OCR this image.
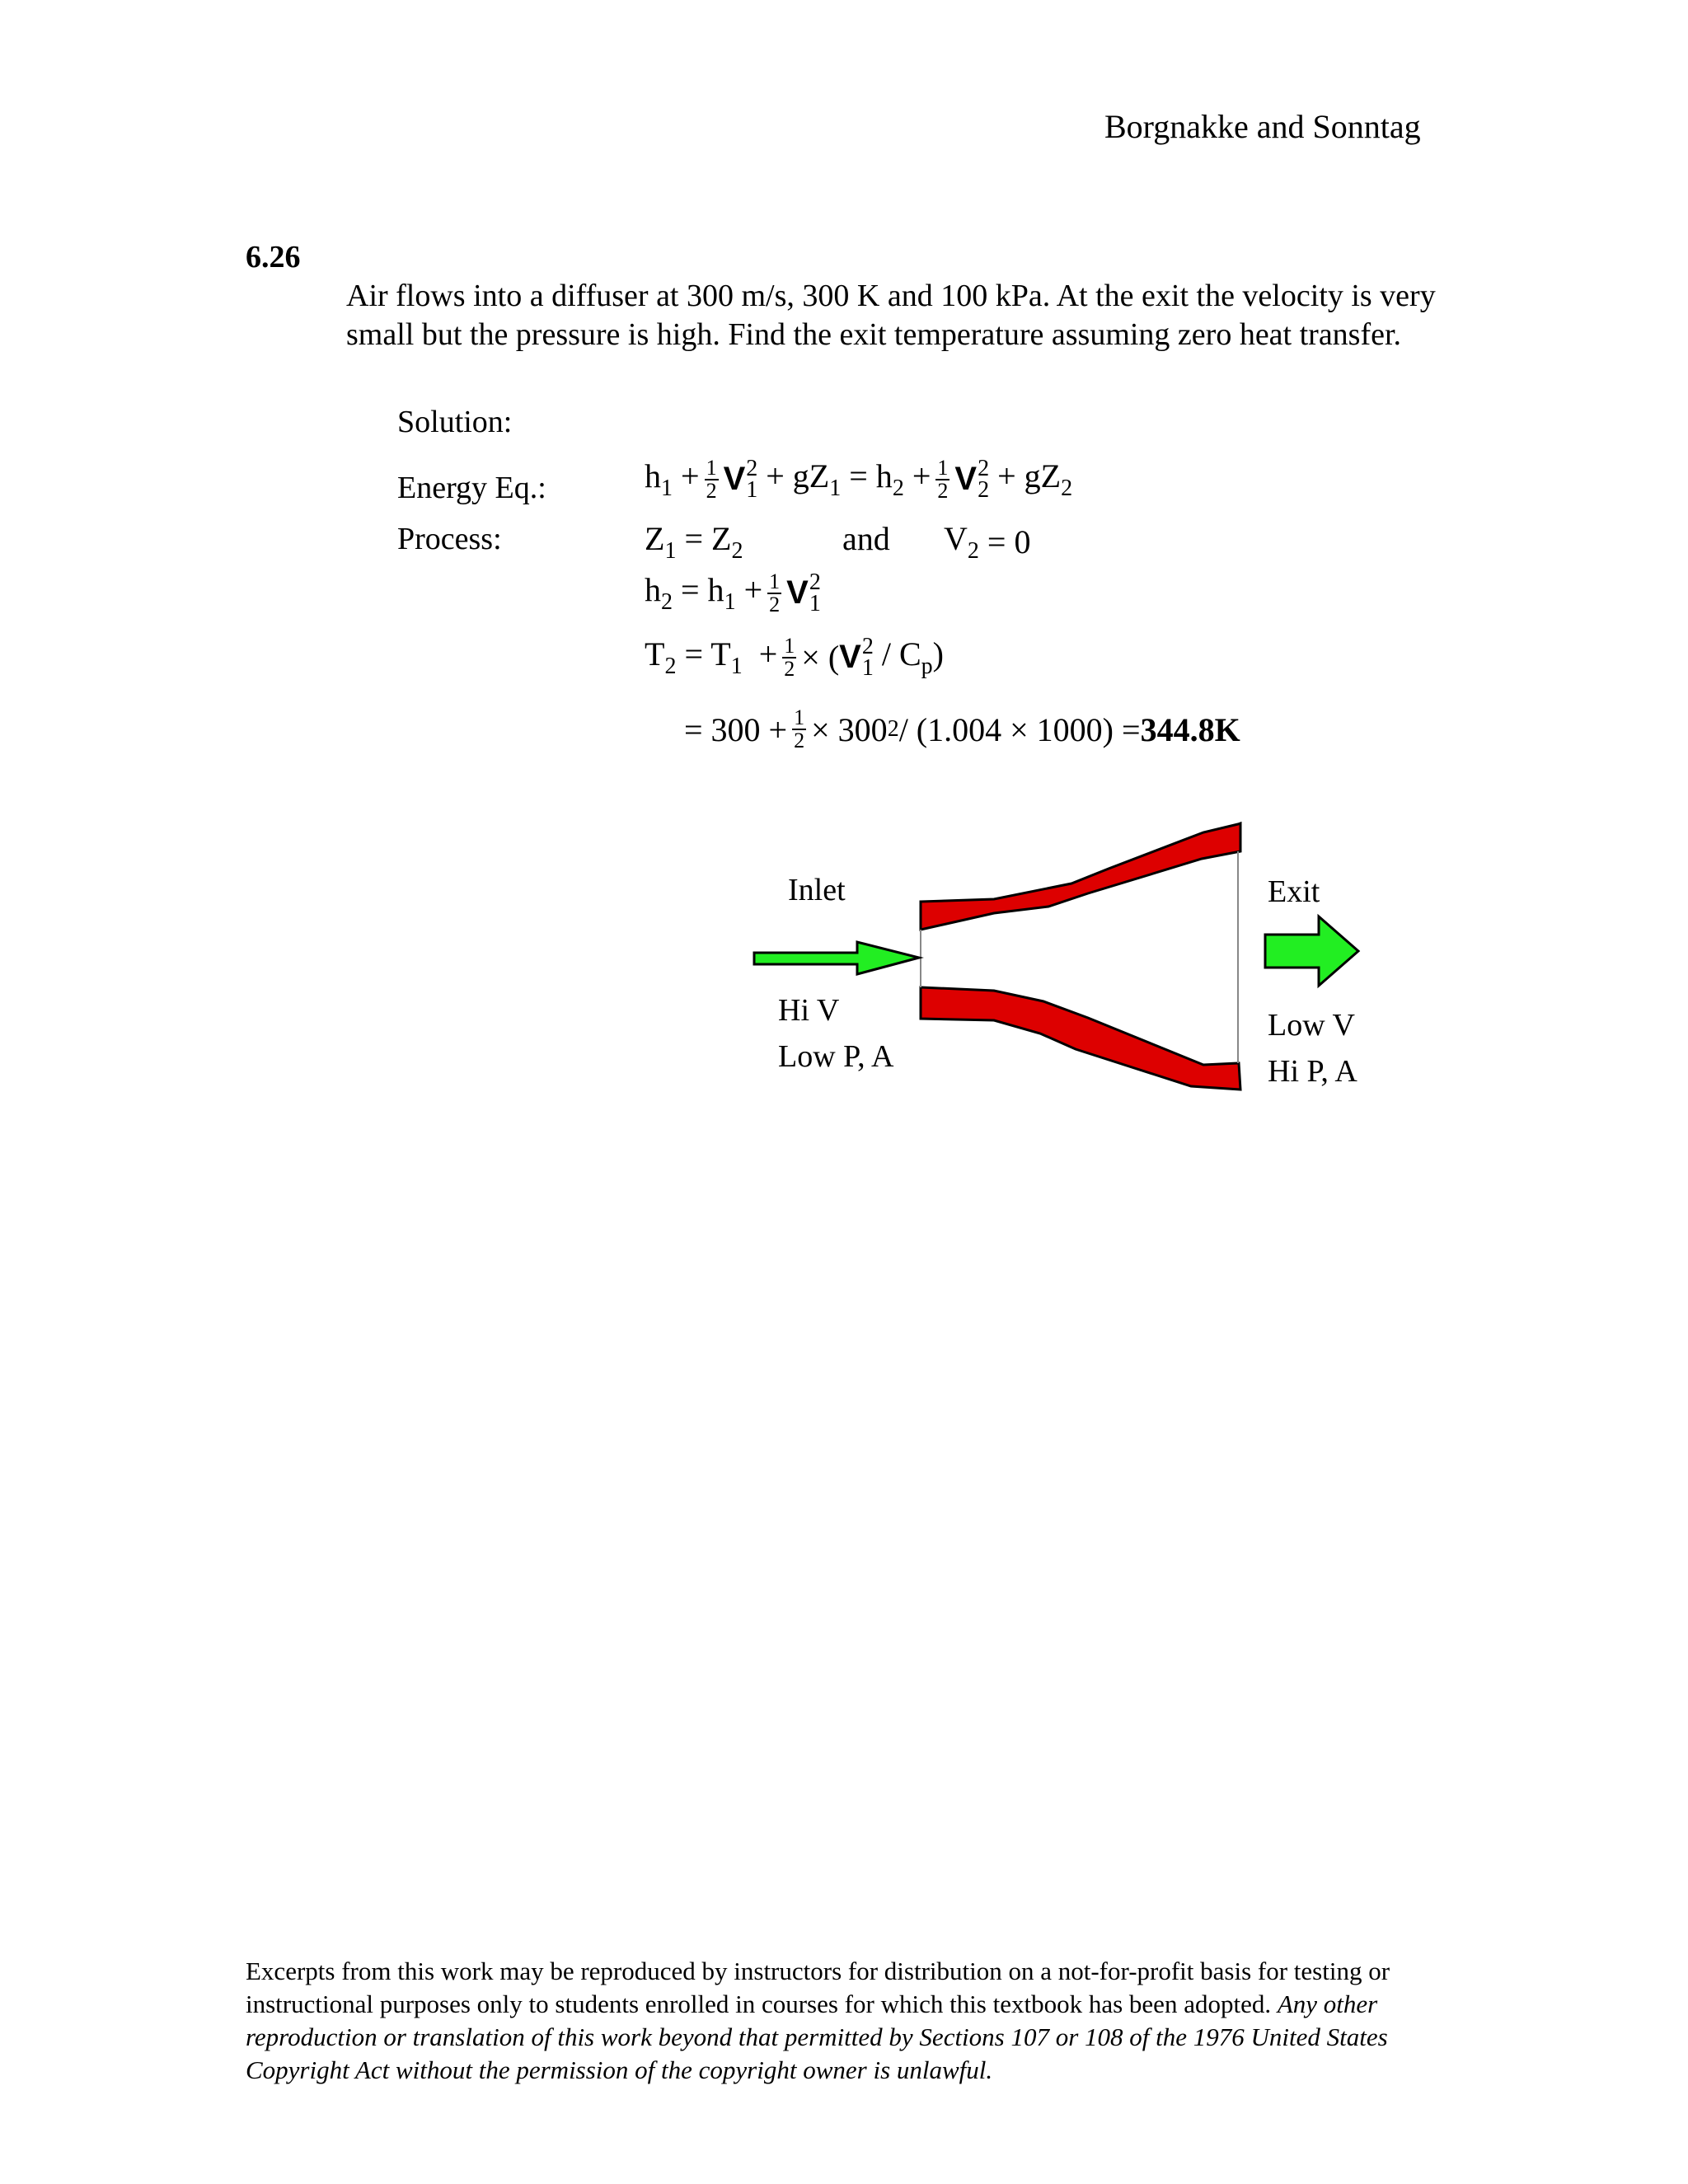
Borgnakke and Sonntag
6.26
Air flows into a diffuser at 300 m/s, 300 K and 100 kPa. At the exit the velocity is very small but the pressure is high. Find the exit temperature assuming zero heat transfer.
Solution:
Energy Eq.:	$h_1 + \frac{1}{2}$ V 2
$1 + gZ_1 = h_2 + \frac{1}{2}$ V 2
$2 + gZ_2$
Process:	$Z_1 = Z_2$	and $V_2 = 0$
$h_2 = h_1 + \frac{1}{2}$ V 2
1
$T_2 = T_1 + \frac{1}{2}$ × ( V 2
$1 / C_p$)
= $300 + \frac{1}{2} \times 300$ 2 / (1.004 × 1000) = 344.8K
Inlet	Exit
Hi V
Low P, A
Low V
Hi P, A
Excerpts from this work may be reproduced by instructors for distribution on a not-for-profit basis for testing or instructional purposes only to students enrolled in courses for which this textbook has been adopted. Any other reproduction or translation of this work beyond that permitted by Sections 107 or 108 of the 1976 United States Copyright Act without the permission of the copyright owner is unlawful.
